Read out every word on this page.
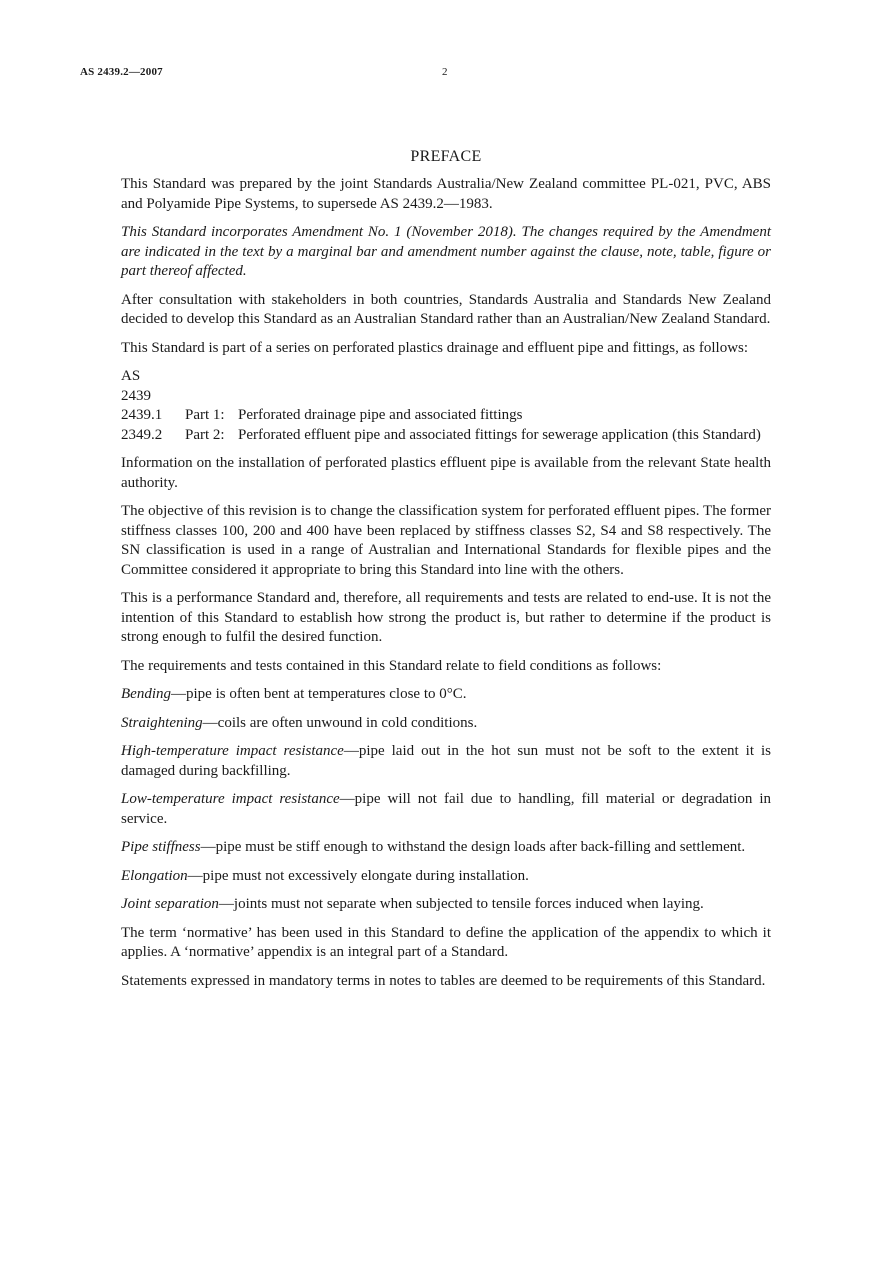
AS 2439.2—2007	2
PREFACE

This Standard was prepared by the joint Standards Australia/New Zealand committee PL-021, PVC, ABS and Polyamide Pipe Systems, to supersede AS 2439.2—1983.

This Standard incorporates Amendment No. 1 (November 2018). The changes required by the Amendment are indicated in the text by a marginal bar and amendment number against the clause, note, table, figure or part thereof affected.

After consultation with stakeholders in both countries, Standards Australia and Standards New Zealand decided to develop this Standard as an Australian Standard rather than an Australian/New Zealand Standard.

This Standard is part of a series on perforated plastics drainage and effluent pipe and fittings, as follows:

AS
2439
2439.1	Part 1: Perforated drainage pipe and associated fittings
2349.2	Part 2: Perforated effluent pipe and associated fittings for sewerage application (this Standard)

Information on the installation of perforated plastics effluent pipe is available from the relevant State health authority.

The objective of this revision is to change the classification system for perforated effluent pipes. The former stiffness classes 100, 200 and 400 have been replaced by stiffness classes S2, S4 and S8 respectively. The SN classification is used in a range of Australian and International Standards for flexible pipes and the Committee considered it appropriate to bring this Standard into line with the others.

This is a performance Standard and, therefore, all requirements and tests are related to end-use. It is not the intention of this Standard to establish how strong the product is, but rather to determine if the product is strong enough to fulfil the desired function.

The requirements and tests contained in this Standard relate to field conditions as follows:

Bending—pipe is often bent at temperatures close to 0°C.

Straightening—coils are often unwound in cold conditions.

High-temperature impact resistance—pipe laid out in the hot sun must not be soft to the extent it is damaged during backfilling.

Low-temperature impact resistance—pipe will not fail due to handling, fill material or degradation in service.

Pipe stiffness—pipe must be stiff enough to withstand the design loads after back-filling and settlement.

Elongation—pipe must not excessively elongate during installation.

Joint separation—joints must not separate when subjected to tensile forces induced when laying.

The term ‘normative’ has been used in this Standard to define the application of the appendix to which it applies. A ‘normative’ appendix is an integral part of a Standard.

Statements expressed in mandatory terms in notes to tables are deemed to be requirements of this Standard.
